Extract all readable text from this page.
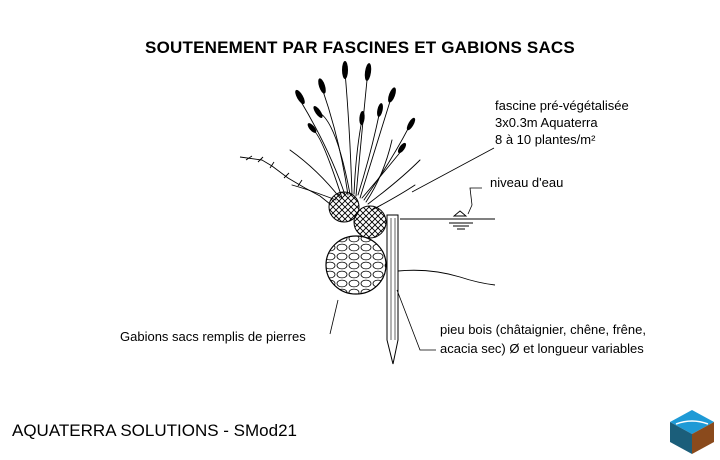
SOUTENEMENT PAR FASCINES ET GABIONS SACS
fascine pré-végétalisée
3x0.3m Aquaterra
8 à 10 plantes/m²
niveau d'eau
Gabions sacs remplis de pierres	pieu bois (châtaignier, chêne, frêne,
acacia sec) Ø et longueur variables
AQUATERRA SOLUTIONS - SMod21
